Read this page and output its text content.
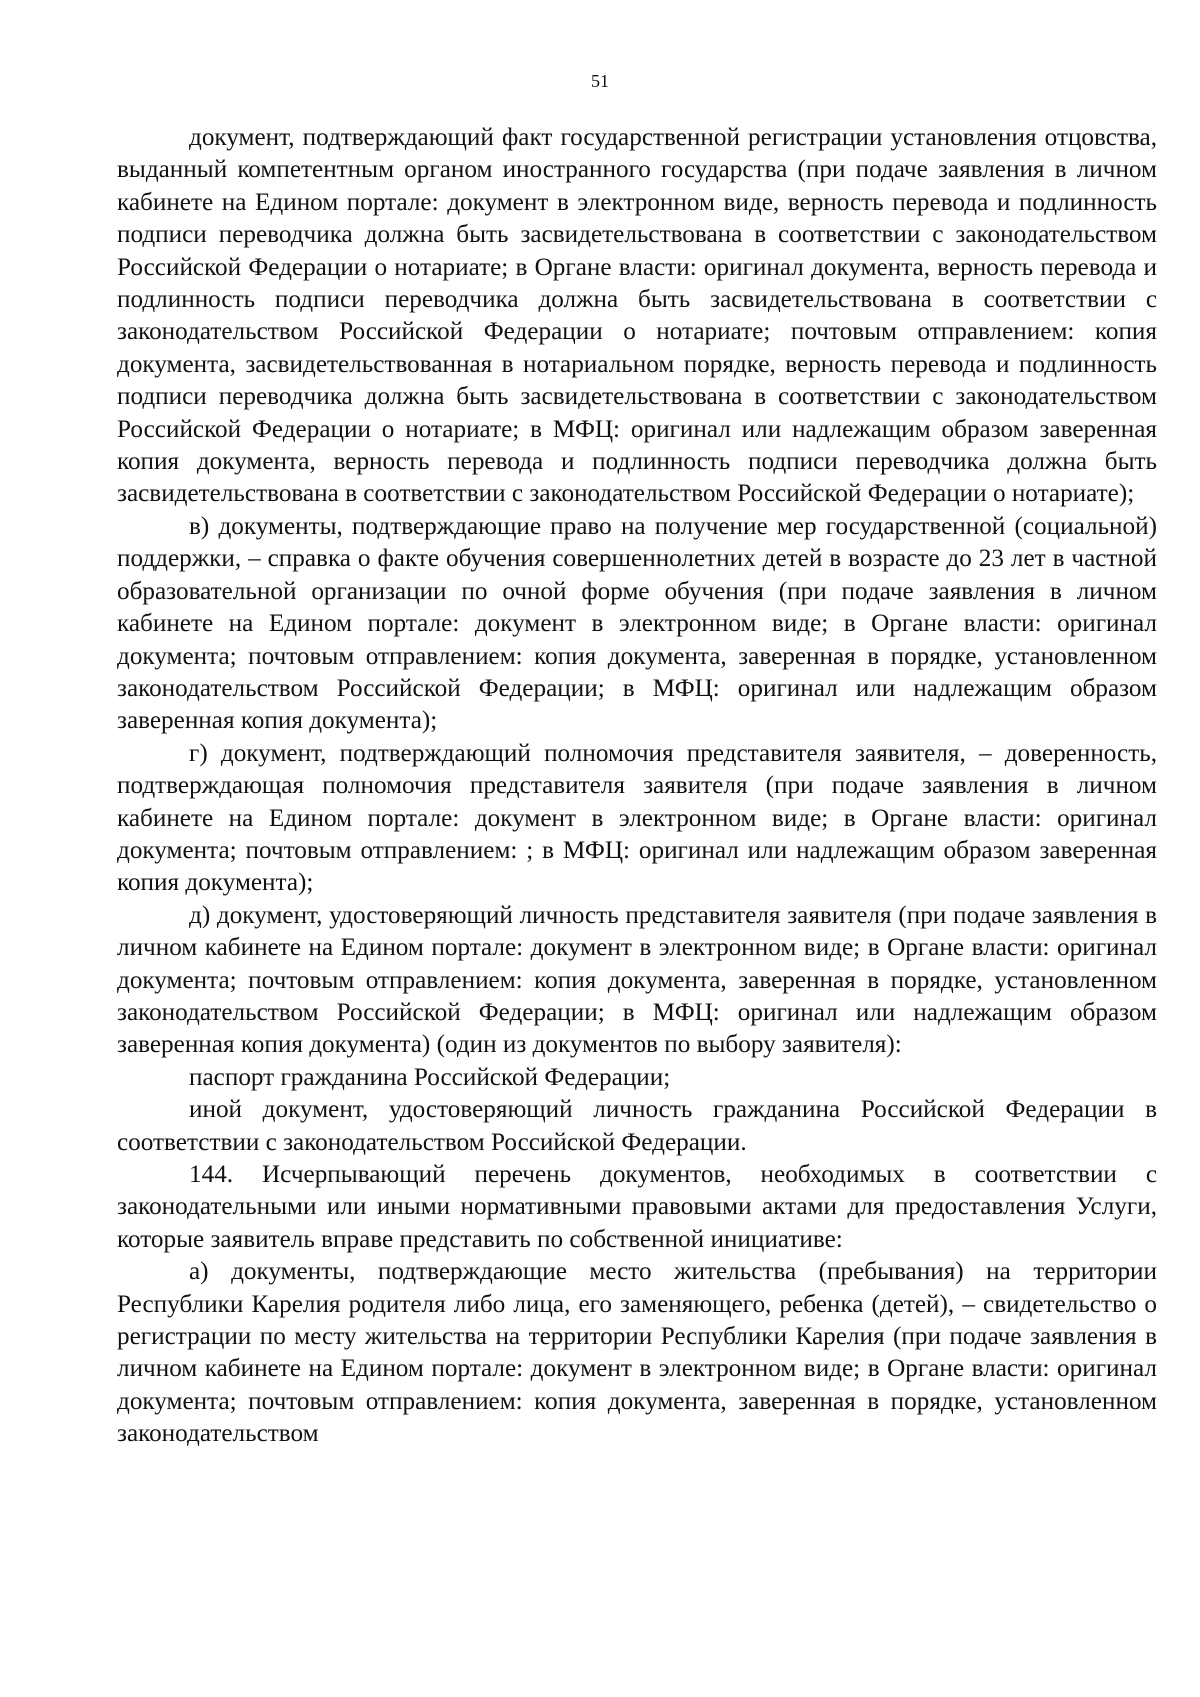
51

документ, подтверждающий факт государственной регистрации установления отцовства, выданный компетентным органом иностранного государства (при подаче заявления в личном кабинете на Едином портале: документ в электронном виде, верность перевода и подлинность подписи переводчика должна быть засвидетельствована в соответствии с законодательством Российской Федерации о нотариате; в Органе власти: оригинал документа, верность перевода и подлинность подписи переводчика должна быть засвидетельствована в соответствии с законодательством Российской Федерации о нотариате; почтовым отправлением: копия документа, засвидетельствованная в нотариальном порядке, верность перевода и подлинность подписи переводчика должна быть засвидетельствована в соответствии с законодательством Российской Федерации о нотариате; в МФЦ: оригинал или надлежащим образом заверенная копия документа, верность перевода и подлинность подписи переводчика должна быть засвидетельствована в соответствии с законодательством Российской Федерации о нотариате);

в) документы, подтверждающие право на получение мер государственной (социальной) поддержки, – справка о факте обучения совершеннолетних детей в возрасте до 23 лет в частной образовательной организации по очной форме обучения (при подаче заявления в личном кабинете на Едином портале: документ в электронном виде; в Органе власти: оригинал документа; почтовым отправлением: копия документа, заверенная в порядке, установленном законодательством Российской Федерации; в МФЦ: оригинал или надлежащим образом заверенная копия документа);

г) документ, подтверждающий полномочия представителя заявителя, – доверенность, подтверждающая полномочия представителя заявителя (при подаче заявления в личном кабинете на Едином портале: документ в электронном виде; в Органе власти: оригинал документа; почтовым отправлением: ; в МФЦ: оригинал или надлежащим образом заверенная копия документа);

д) документ, удостоверяющий личность представителя заявителя (при подаче заявления в личном кабинете на Едином портале: документ в электронном виде; в Органе власти: оригинал документа; почтовым отправлением: копия документа, заверенная в порядке, установленном законодательством Российской Федерации; в МФЦ: оригинал или надлежащим образом заверенная копия документа) (один из документов по выбору заявителя):

паспорт гражданина Российской Федерации;

иной документ, удостоверяющий личность гражданина Российской Федерации в соответствии с законодательством Российской Федерации.

144. Исчерпывающий перечень документов, необходимых в соответствии с законодательными или иными нормативными правовыми актами для предоставления Услуги, которые заявитель вправе представить по собственной инициативе:

а) документы, подтверждающие место жительства (пребывания) на территории Республики Карелия родителя либо лица, его заменяющего, ребенка (детей), – свидетельство о регистрации по месту жительства на территории Республики Карелия (при подаче заявления в личном кабинете на Едином портале: документ в электронном виде; в Органе власти: оригинал документа; почтовым отправлением: копия документа, заверенная в порядке, установленном законодательством
